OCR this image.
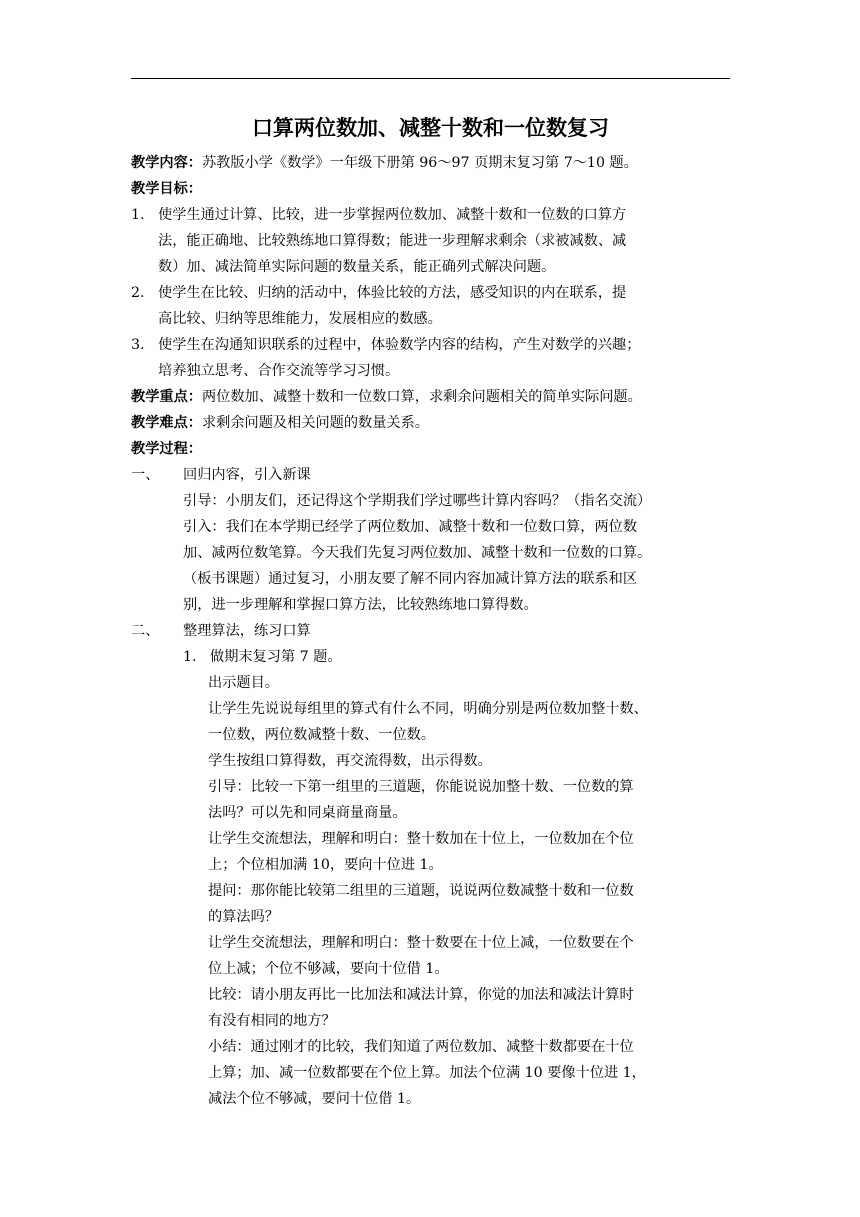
口算两位数加、减整十数和一位数复习
教学内容：苏教版小学《数学》一年级下册第 96～97 页期末复习第 7～10 题。
教学目标：
1. 使学生通过计算、比较，进一步掌握两位数加、减整十数和一位数的口算方
法，能正确地、比较熟练地口算得数；能进一步理解求剩余（求被减数、减
数）加、减法简单实际问题的数量关系，能正确列式解决问题。
2. 使学生在比较、归纳的活动中，体验比较的方法，感受知识的内在联系，提
高比较、归纳等思维能力，发展相应的数感。
3. 使学生在沟通知识联系的过程中，体验数学内容的结构，产生对数学的兴趣；
培养独立思考、合作交流等学习习惯。
教学重点：两位数加、减整十数和一位数口算，求剩余问题相关的简单实际问题。
教学难点：求剩余问题及相关问题的数量关系。
教学过程：
一、 回归内容，引入新课
引导：小朋友们，还记得这个学期我们学过哪些计算内容吗？（指名交流）
引入：我们在本学期已经学了两位数加、减整十数和一位数口算，两位数
加、减两位数笔算。今天我们先复习两位数加、减整十数和一位数的口算。
（板书课题）通过复习，小朋友要了解不同内容加减计算方法的联系和区
别，进一步理解和掌握口算方法，比较熟练地口算得数。
二、 整理算法，练习口算
1. 做期末复习第 7 题。
出示题目。
让学生先说说每组里的算式有什么不同，明确分别是两位数加整十数、
一位数，两位数减整十数、一位数。
学生按组口算得数，再交流得数，出示得数。
引导：比较一下第一组里的三道题，你能说说加整十数、一位数的算
法吗？可以先和同桌商量商量。
让学生交流想法，理解和明白：整十数加在十位上，一位数加在个位
上；个位相加满 10，要向十位进 1。
提问：那你能比较第二组里的三道题，说说两位数减整十数和一位数
的算法吗？
让学生交流想法，理解和明白：整十数要在十位上减，一位数要在个
位上减；个位不够减，要向十位借 1。
比较：请小朋友再比一比加法和减法计算，你觉的加法和减法计算时
有没有相同的地方？
小结：通过刚才的比较，我们知道了两位数加、减整十数都要在十位
上算；加、减一位数都要在个位上算。加法个位满 10 要像十位进 1，
减法个位不够减，要问十位借 1。
